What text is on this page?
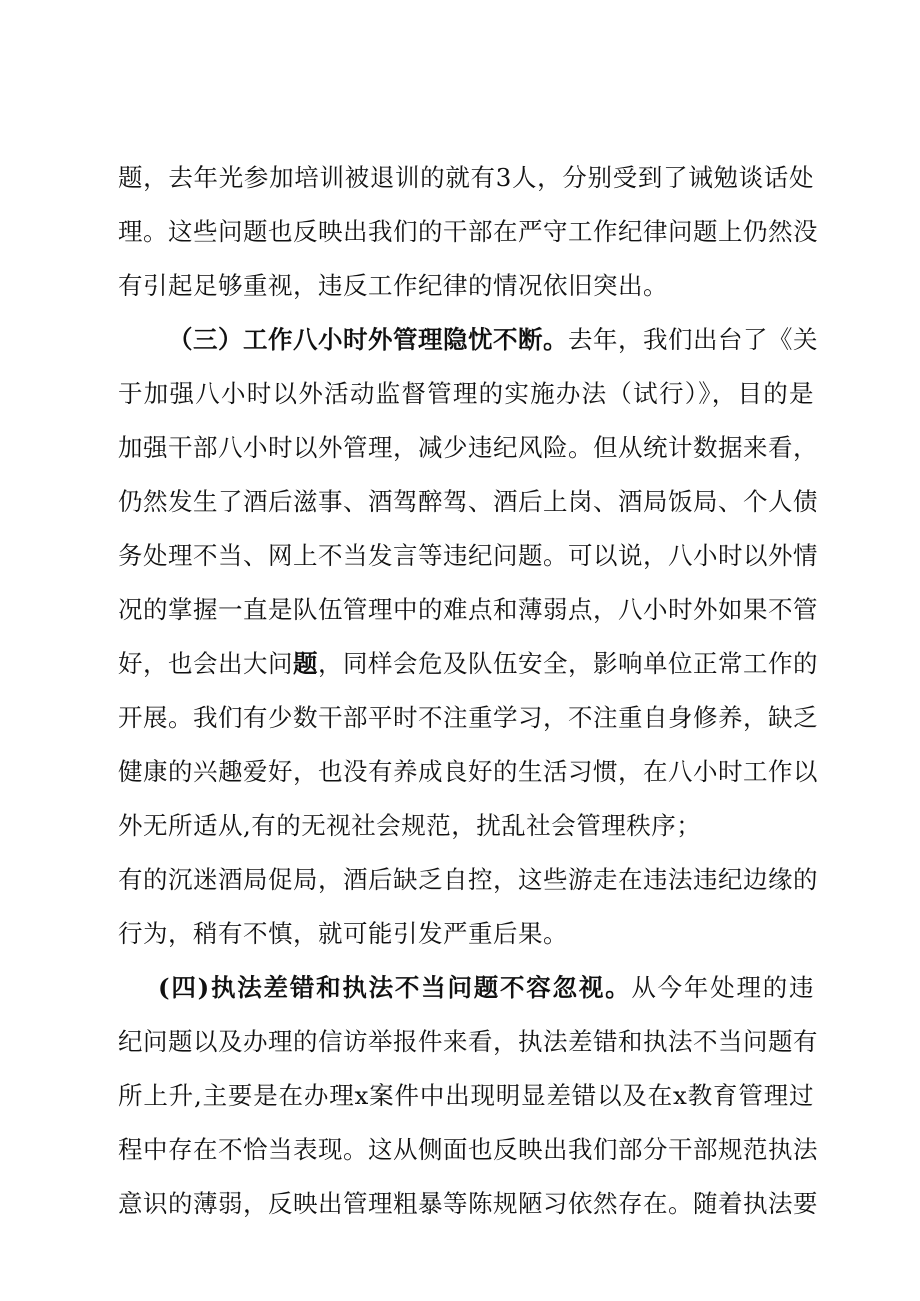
题，去年光参加培训被退训的就有3人，分别受到了诫勉谈话处
理。这些问题也反映出我们的干部在严守工作纪律问题上仍然没
有引起足够重视，违反工作纪律的情况依旧突出。
（三）工作八小时外管理隐忧不断。去年，我们出台了《关
于加强八小时以外活动监督管理的实施办法（试行）》，目的是
加强干部八小时以外管理，减少违纪风险。但从统计数据来看，
仍然发生了酒后滋事、酒驾醉驾、酒后上岗、酒局饭局、个人债
务处理不当、网上不当发言等违纪问题。可以说，八小时以外情
况的掌握一直是队伍管理中的难点和薄弱点，八小时外如果不管
好，也会出大问题，同样会危及队伍安全，影响单位正常工作的
开展。我们有少数干部平时不注重学习，不注重自身修养，缺乏
健康的兴趣爱好，也没有养成良好的生活习惯，在八小时工作以
外无所适从,有的无视社会规范，扰乱社会管理秩序；
有的沉迷酒局促局，酒后缺乏自控，这些游走在违法违纪边缘的
行为，稍有不慎，就可能引发严重后果。
(四)执法差错和执法不当问题不容忽视。从今年处理的违
纪问题以及办理的信访举报件来看，执法差错和执法不当问题有
所上升,主要是在办理x案件中出现明显差错以及在x教育管理过
程中存在不恰当表现。这从侧面也反映出我们部分干部规范执法
意识的薄弱，反映出管理粗暴等陈规陋习依然存在。随着执法要
